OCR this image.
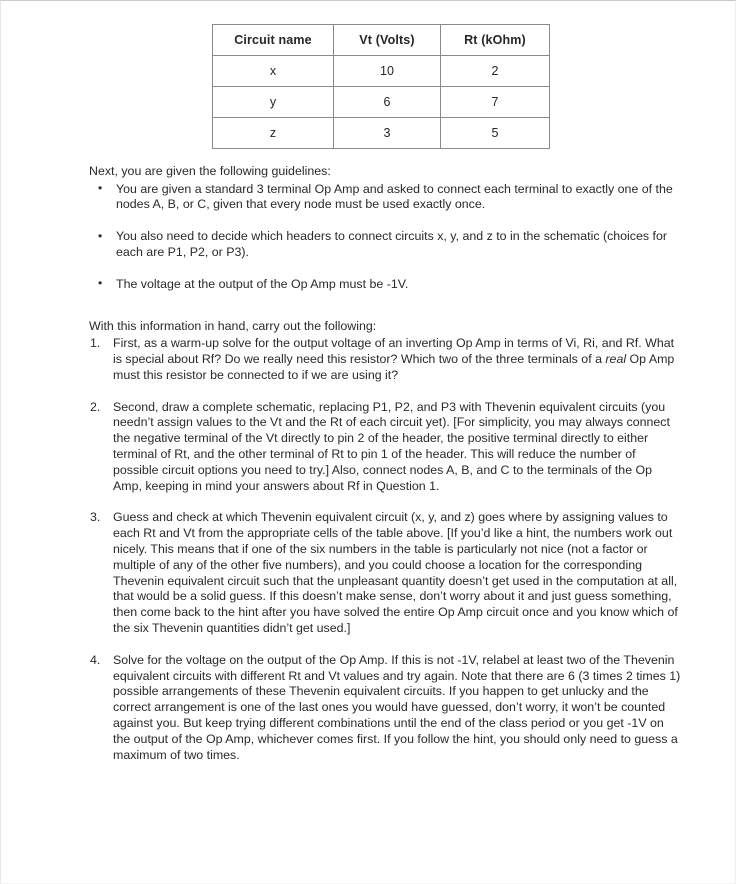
Circuit name	Vt (Volts)	Rt (kOhm)
x	10	2
y	6	7
z	3	5

Next, you are given the following guidelines:

• You are given a standard 3 terminal Op Amp and asked to connect each terminal to exactly one of the nodes A, B, or C, given that every node must be used exactly once.
• You also need to decide which headers to connect circuits x, y, and z to in the schematic (choices for each are P1, P2, or P3).
• The voltage at the output of the Op Amp must be -1V.

With this information in hand, carry out the following:

1.	First, as a warm-up solve for the output voltage of an inverting Op Amp in terms of Vi, Ri, and Rf. What is special about Rf? Do we really need this resistor? Which two of the three terminals of a real Op Amp must this resistor be connected to if we are using it?
2.	Second, draw a complete schematic, replacing P1, P2, and P3 with Thevenin equivalent circuits (you needn’t assign values to the Vt and the Rt of each circuit yet). [For simplicity, you may always connect the negative terminal of the Vt directly to pin 2 of the header, the positive terminal directly to either terminal of Rt, and the other terminal of Rt to pin 1 of the header. This will reduce the number of possible circuit options you need to try.] Also, connect nodes A, B, and C to the terminals of the Op Amp, keeping in mind your answers about Rf in Question 1.
3.	Guess and check at which Thevenin equivalent circuit (x, y, and z) goes where by assigning values to each Rt and Vt from the appropriate cells of the table above. [If you’d like a hint, the numbers work out nicely. This means that if one of the six numbers in the table is particularly not nice (not a factor or multiple of any of the other five numbers), and you could choose a location for the corresponding Thevenin equivalent circuit such that the unpleasant quantity doesn’t get used in the computation at all, that would be a solid guess. If this doesn’t make sense, don’t worry about it and just guess something, then come back to the hint after you have solved the entire Op Amp circuit once and you know which of the six Thevenin quantities didn’t get used.]
4.	Solve for the voltage on the output of the Op Amp. If this is not -1V, relabel at least two of the Thevenin equivalent circuits with different Rt and Vt values and try again. Note that there are 6 (3 times 2 times 1) possible arrangements of these Thevenin equivalent circuits. If you happen to get unlucky and the correct arrangement is one of the last ones you would have guessed, don’t worry, it won’t be counted against you. But keep trying different combinations until the end of the class period or you get -1V on the output of the Op Amp, whichever comes first. If you follow the hint, you should only need to guess a maximum of two times.
